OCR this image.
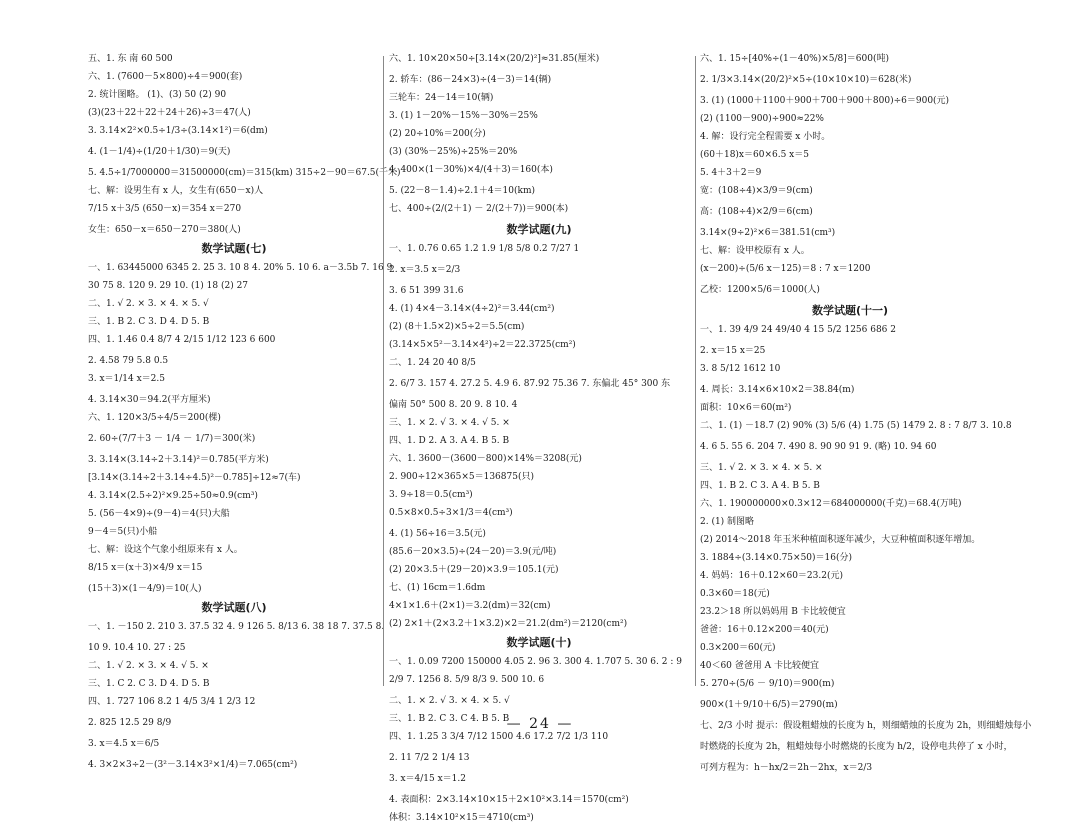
五、1. 东 南 60 500
六、1. (7600－5×800)÷4＝900(套)
2. 统计图略。 (1)、(3) 50 (2) 90
(3)(23＋22＋22＋24＋26)÷3＝47(人)
3. 3.14×2²×0.5÷1/3÷(3.14×1²)＝6(dm)
4. (1－1/4)÷(1/20＋1/30)＝9(天)
5. 4.5÷1/7000000＝31500000(cm)＝315(km) 315÷2－90＝67.5(千米)
七、解：设男生有 x 人，女生有(650－x)人
7/15 x＋3/5 (650－x)＝354 x＝270
女生：650－x＝650－270＝380(人)
数学试题(七)
一、1. 63445000 6345 2. 25 3. 10 8 4. 20% 5. 10 6. a－3.5b 7. 16 9
30 75 8. 120 9. 29 10. (1) 18 (2) 27
二、1. √ 2. × 3. × 4. × 5. √
三、1. B 2. C 3. D 4. D 5. B
四、1. 1.46 0.4 8/7 4 2/15 1/12 123 6 600
2. 4.58 79 5.8 0.5
3. x＝1/14 x＝2.5
4. 3.14×30＝94.2(平方厘米)
六、1. 120×3/5÷4/5＝200(棵)
2. 60÷(7/7＋3 － 1/4 － 1/7)＝300(米)
3. 3.14×(3.14÷2＋3.14)²＝0.785(平方米)
[3.14×(3.14÷2＋3.14÷4.5)²－0.785]÷12≈7(车)
4. 3.14×(2.5÷2)²×9.25÷50≈0.9(cm³)
5. (56－4×9)÷(9－4)＝4(只)大船
9－4＝5(只)小船
七、解：设这个气象小组原来有 x 人。
8/15 x＝(x＋3)×4/9 x＝15
(15＋3)×(1－4/9)＝10(人)
数学试题(八)
一、1. －150 2. 210 3. 37.5 32 4. 9 126 5. 8/13 6. 38 18 7. 37.5 8.
10 9. 10.4 10. 27 : 25
二、1. √ 2. × 3. × 4. √ 5. ×
三、1. C 2. C 3. D 4. D 5. B
四、1. 727 106 8.2 1 4/5 3/4 1 2/3 12
2. 825 12.5 29 8/9
3. x＝4.5 x＝6/5
4. 3×2×3÷2－(3²－3.14×3²×1/4)＝7.065(cm²)
六、1. 10×20×50÷[3.14×(20/2)²]≈31.85(厘米)
2. 轿车：(86－24×3)÷(4－3)＝14(辆)
三轮车：24－14＝10(辆)
3. (1) 1－20%－15%－30%＝25%
(2) 20÷10%＝200(分)
(3) (30%－25%)÷25%＝20%
4. 400×(1－30%)×4/(4＋3)＝160(本)
5. (22－8－1.4)÷2.1＋4＝10(km)
七、400÷(2/(2＋1) － 2/(2＋7))＝900(本)
数学试题(九)
一、1. 0.76 0.65 1.2 1.9 1/8 5/8 0.2 7/27 1
2. x＝3.5 x＝2/3
3. 6 51 399 31.6
4. (1) 4×4－3.14×(4÷2)²＝3.44(cm²)
(2) (8＋1.5×2)×5÷2＝5.5(cm)
(3.14×5×5²－3.14×4²)÷2＝22.3725(cm²)
二、1. 24 20 40 8/5
2. 6/7 3. 157 4. 27.2 5. 4.9 6. 87.92 75.36 7. 东偏北 45° 300 东
偏南 50° 500 8. 20 9. 8 10. 4
三、1. × 2. √ 3. × 4. √ 5. ×
四、1. D 2. A 3. A 4. B 5. B
六、1. 3600－(3600－800)×14%＝3208(元)
2. 900÷12×365×5＝136875(只)
3. 9÷18＝0.5(cm³)
0.5×8×0.5÷3×1/3＝4(cm³)
4. (1) 56÷16＝3.5(元)
(85.6－20×3.5)÷(24－20)＝3.9(元/吨)
(2) 20×3.5＋(29－20)×3.9＝105.1(元)
七、(1) 16cm＝1.6dm
4×1×1.6＋(2×1)＝3.2(dm)＝32(cm)
(2) 2×1＋(2×3.2＋1×3.2)×2＝21.2(dm²)＝2120(cm²)
数学试题(十)
一、1. 0.09 7200 150000 4.05 2. 96 3. 300 4. 1.707 5. 30 6. 2 : 9
2/9 7. 1256 8. 5/9 8/3 9. 500 10. 6
二、1. × 2. √ 3. × 4. × 5. √
三、1. B 2. C 3. C 4. B 5. B
四、1. 1.25 3 3/4 7/12 1500 4.6 17.2 7/2 1/3 110
2. 11 7/2 2 1/4 13
3. x＝4/15 x＝1.2
4. 表面积：2×3.14×10×15＋2×10²×3.14＝1570(cm²)
体积：3.14×10²×15＝4710(cm³)
六、1. 15÷[40%÷(1－40%)×5/8]＝600(吨)
2. 1/3×3.14×(20/2)²×5÷(10×10×10)＝628(米)
3. (1) (1000＋1100＋900＋700＋900＋800)÷6＝900(元)
(2) (1100－900)÷900≈22%
4. 解：设行完全程需要 x 小时。
(60＋18)x＝60×6.5 x＝5
5. 4＋3＋2＝9
宽：(108÷4)×3/9＝9(cm)
高：(108÷4)×2/9＝6(cm)
3.14×(9÷2)²×6＝381.51(cm³)
七、解：设甲校原有 x 人。
(x－200)÷(5/6 x－125)＝8 : 7 x＝1200
乙校：1200×5/6＝1000(人)
数学试题(十一)
一、1. 39 4/9 24 49/40 4 15 5/2 1256 686 2
2. x＝15 x＝25
3. 8 5/12 1612 10
4. 周长：3.14×6×10×2＝38.84(m)
面积：10×6＝60(m²)
二、1. (1) －18.7 (2) 90% (3) 5/6 (4) 1.75 (5) 1479 2. 8 : 7 8/7 3. 10.8
4. 6 5. 55 6. 204 7. 490 8. 90 90 91 9. (略) 10. 94 60
三、1. √ 2. × 3. × 4. × 5. ×
四、1. B 2. C 3. A 4. B 5. B
六、1. 190000000×0.3×12＝684000000(千克)＝68.4(万吨)
2. (1) 制图略
(2) 2014～2018 年玉米种植面积逐年减少，大豆种植面积逐年增加。
3. 1884÷(3.14×0.75×50)＝16(分)
4. 妈妈：16＋0.12×60＝23.2(元)
0.3×60＝18(元)
23.2＞18 所以妈妈用 B 卡比较便宜
爸爸：16＋0.12×200＝40(元)
0.3×200＝60(元)
40＜60 爸爸用 A 卡比较便宜
5. 270÷(5/6 － 9/10)＝900(m)
900×(1＋9/10＋6/5)＝2790(m)
七、2/3 小时 提示：假设粗蜡烛的长度为 h，则细蜡烛的长度为 2h，则细蜡烛每小
时燃烧的长度为 2h，粗蜡烛每小时燃烧的长度为 h/2，设停电共停了 x 小时，
可列方程为：h－hx/2＝2h－2hx，x＝2/3
— 24 —
